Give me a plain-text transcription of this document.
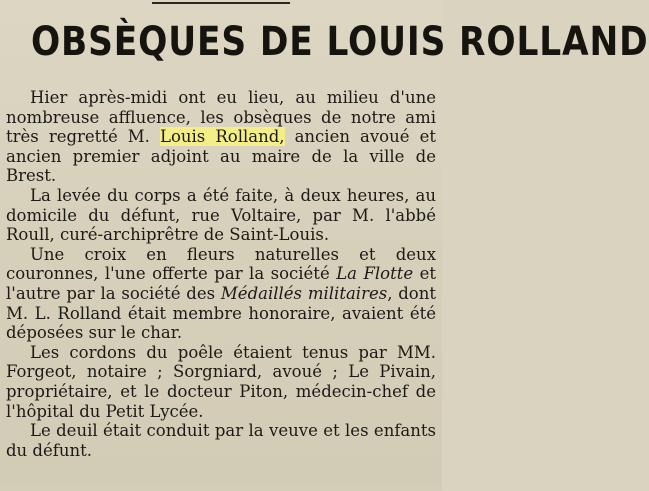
OBSÈQUES DE LOUIS ROLLAND

Hier après-midi ont eu lieu, au milieu d'une nombreuse affluence, les obsèques de notre ami très regretté M. Louis Rolland, ancien avoué et ancien premier adjoint au maire de la ville de Brest.

La levée du corps a été faite, à deux heures, au domicile du défunt, rue Voltaire, par M. l'abbé Roull, curé-archiprêtre de Saint-Louis.

Une croix en fleurs naturelles et deux couronnes, l'une offerte par la société La Flotte et l'autre par la société des Médaillés militaires, dont M. L. Rolland était membre honoraire, avaient été déposées sur le char.

Les cordons du poêle étaient tenus par MM. Forgeot, notaire ; Sorgniard, avoué ; Le Pivain, propriétaire, et le docteur Piton, médecin-chef de l'hôpital du Petit Lycée.

Le deuil était conduit par la veuve et les enfants du défunt.
